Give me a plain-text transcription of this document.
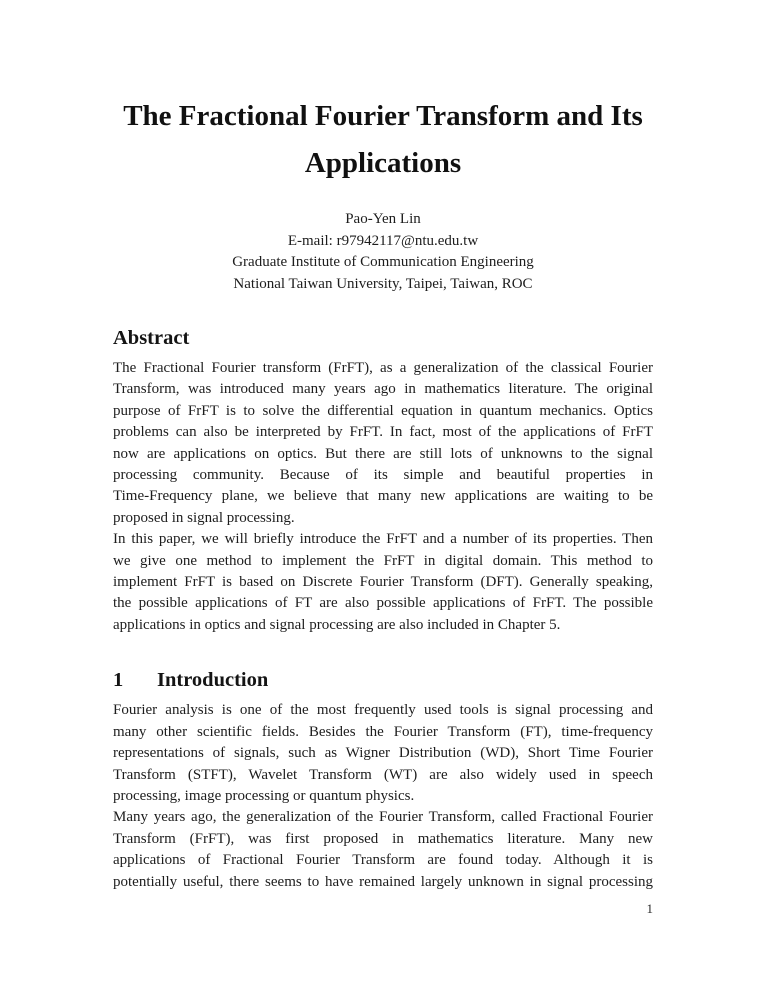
The Fractional Fourier Transform and Its
Applications
Pao-Yen Lin
E-mail: r97942117@ntu.edu.tw
Graduate Institute of Communication Engineering
National Taiwan University, Taipei, Taiwan, ROC
Abstract
The Fractional Fourier transform (FrFT), as a generalization of the classical Fourier
Transform, was introduced many years ago in mathematics literature. The original
purpose of FrFT is to solve the differential equation in quantum mechanics. Optics
problems can also be interpreted by FrFT. In fact, most of the applications of FrFT
now are applications on optics. But there are still lots of unknowns to the signal
processing community. Because of its simple and beautiful properties in
Time-Frequency plane, we believe that many new applications are waiting to be
proposed in signal processing.
In this paper, we will briefly introduce the FrFT and a number of its properties. Then
we give one method to implement the FrFT in digital domain. This method to
implement FrFT is based on Discrete Fourier Transform (DFT). Generally speaking,
the possible applications of FT are also possible applications of FrFT. The possible
applications in optics and signal processing are also included in Chapter 5.
1 Introduction
Fourier analysis is one of the most frequently used tools is signal processing and
many other scientific fields. Besides the Fourier Transform (FT), time-frequency
representations of signals, such as Wigner Distribution (WD), Short Time Fourier
Transform (STFT), Wavelet Transform (WT) are also widely used in speech
processing, image processing or quantum physics.
Many years ago, the generalization of the Fourier Transform, called Fractional Fourier
Transform (FrFT), was first proposed in mathematics literature. Many new
applications of Fractional Fourier Transform are found today. Although it is
potentially useful, there seems to have remained largely unknown in signal processing
1
